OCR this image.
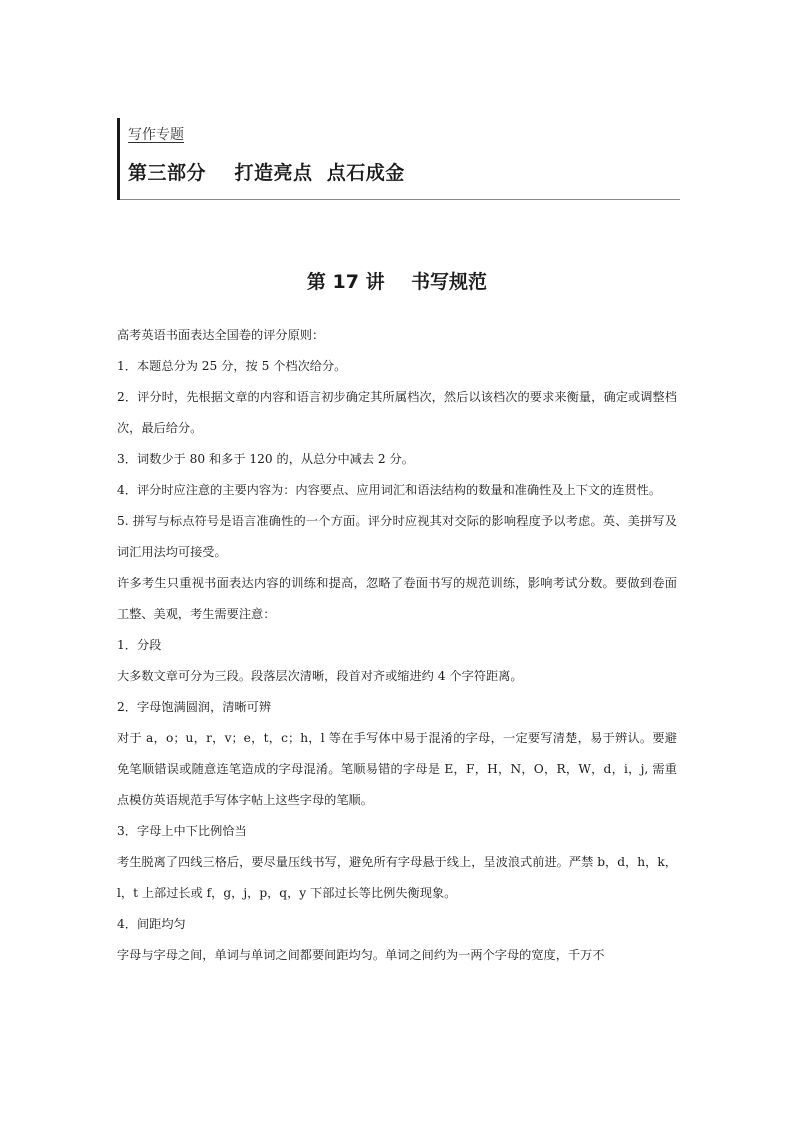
写作专题
第三部分    打造亮点  点石成金
第 17 讲    书写规范

高考英语书面表达全国卷的评分原则：

1．本题总分为 25 分，按 5 个档次给分。

2．评分时，先根据文章的内容和语言初步确定其所属档次，然后以该档次的要求来衡量，确定或调整档次，最后给分。

3．词数少于 80 和多于 120 的，从总分中减去 2 分。

4．评分时应注意的主要内容为：内容要点、应用词汇和语法结构的数量和准确性及上下文的连贯性。

5. 拼写与标点符号是语言准确性的一个方面。评分时应视其对交际的影响程度予以考虑。英、美拼写及词汇用法均可接受。

许多考生只重视书面表达内容的训练和提高，忽略了卷面书写的规范训练，影响考试分数。要做到卷面工整、美观，考生需要注意：

1．分段

大多数文章可分为三段。段落层次清晰，段首对齐或缩进约 4 个字符距离。

2．字母饱满圆润，清晰可辨

对于 a，o；u，r，v；e，t，c；h，l 等在手写体中易于混淆的字母，一定要写清楚，易于辨认。要避免笔顺错误或随意连笔造成的字母混淆。笔顺易错的字母是 E，F，H，N，O，R，W，d，i，j, 需重点模仿英语规范手写体字帖上这些字母的笔顺。

3．字母上中下比例恰当

考生脱离了四线三格后，要尽量压线书写，避免所有字母悬于线上，呈波浪式前进。严禁 b，d，h，k，l，t 上部过长或 f，g，j，p，q，y 下部过长等比例失衡现象。

4．间距均匀

字母与字母之间，单词与单词之间都要间距均匀。单词之间约为一两个字母的宽度，千万不
